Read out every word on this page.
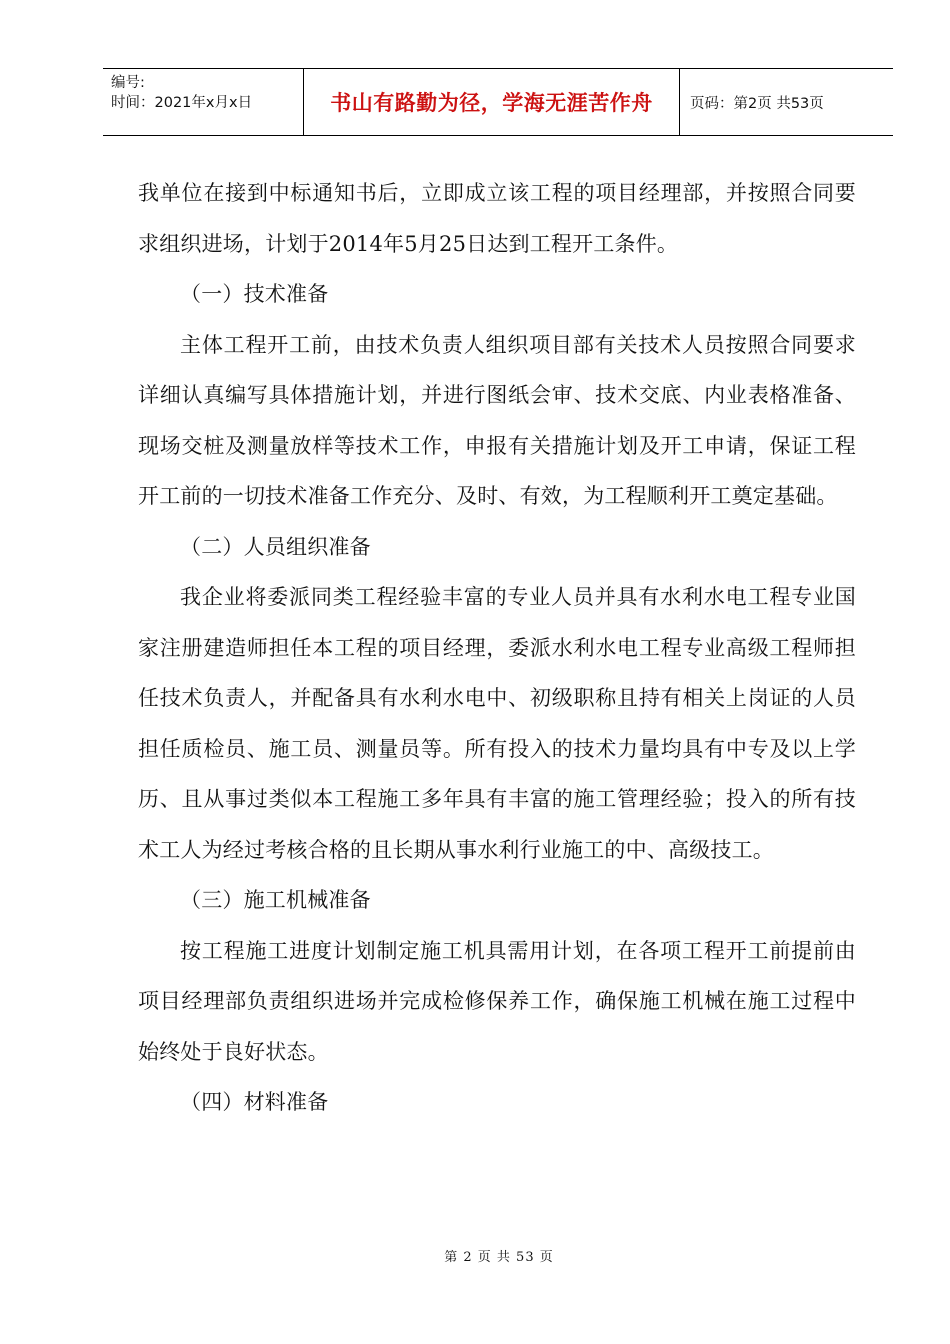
编号:
时间：2021年x月x日	书山有路勤为径，学海无涯苦作舟	页码：第2页 共53页

我单位在接到中标通知书后，立即成立该工程的项目经理部，并按照合同要求组织进场，计划于2014年5月25日达到工程开工条件。

（一）技术准备

主体工程开工前，由技术负责人组织项目部有关技术人员按照合同要求详细认真编写具体措施计划，并进行图纸会审、技术交底、内业表格准备、现场交桩及测量放样等技术工作，申报有关措施计划及开工申请，保证工程开工前的一切技术准备工作充分、及时、有效，为工程顺利开工奠定基础。

（二）人员组织准备

我企业将委派同类工程经验丰富的专业人员并具有水利水电工程专业国家注册建造师担任本工程的项目经理，委派水利水电工程专业高级工程师担任技术负责人，并配备具有水利水电中、初级职称且持有相关上岗证的人员担任质检员、施工员、测量员等。所有投入的技术力量均具有中专及以上学历、且从事过类似本工程施工多年具有丰富的施工管理经验；投入的所有技术工人为经过考核合格的且长期从事水利行业施工的中、高级技工。

（三）施工机械准备

按工程施工进度计划制定施工机具需用计划，在各项工程开工前提前由项目经理部负责组织进场并完成检修保养工作，确保施工机械在施工过程中始终处于良好状态。

（四）材料准备

第 2 页 共 53 页
